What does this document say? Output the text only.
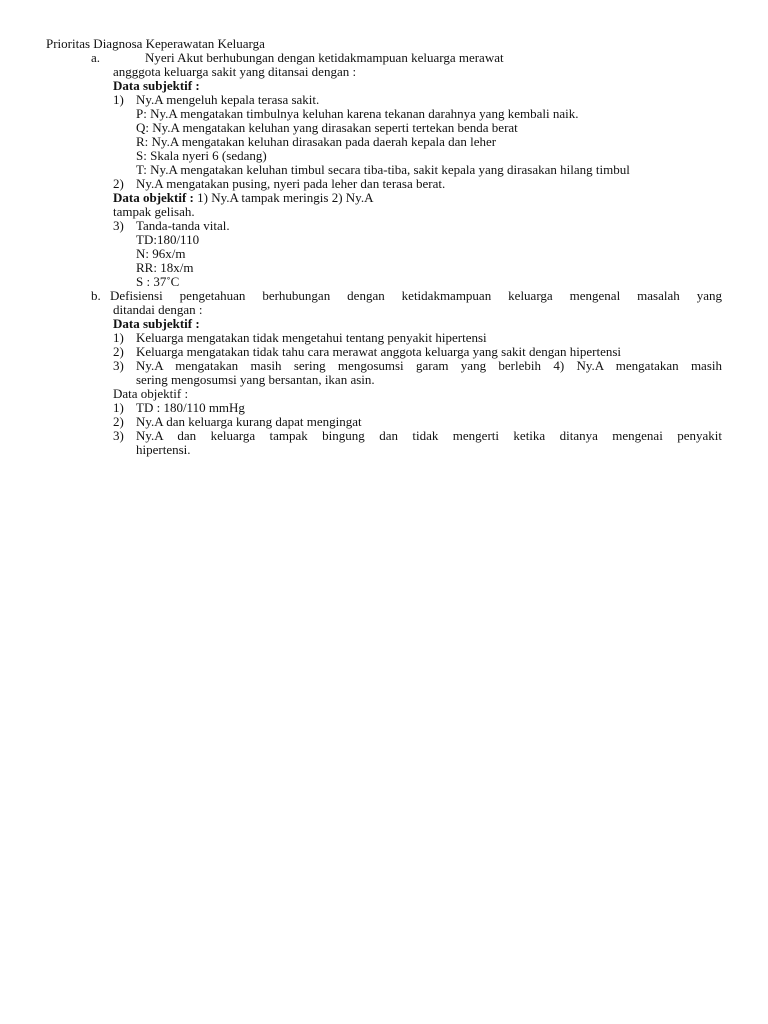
Prioritas Diagnosa Keperawatan Keluarga
a.	Nyeri Akut berhubungan dengan ketidakmampuan keluarga merawat
angggota keluarga sakit yang ditansai dengan :
Data subjektif :
1) Ny.A mengeluh kepala terasa sakit.
P: Ny.A mengatakan timbulnya keluhan karena tekanan darahnya yang kembali naik.
Q: Ny.A mengatakan keluhan yang dirasakan seperti tertekan benda berat
R: Ny.A mengatakan keluhan dirasakan pada daerah kepala dan leher
S: Skala nyeri 6 (sedang)
T: Ny.A mengatakan keluhan timbul secara tiba-tiba, sakit kepala yang dirasakan hilang timbul
2) Ny.A mengatakan pusing, nyeri pada leher dan terasa berat.
Data objektif : 1) Ny.A tampak meringis 2) Ny.A
tampak gelisah.
3) Tanda-tanda vital.
TD:180/110
N: 96x/m
RR: 18x/m
S : 37˚C
b. Defisiensi pengetahuan berhubungan dengan ketidakmampuan keluarga mengenal masalah yang
ditandai dengan :
Data subjektif :
1) Keluarga mengatakan tidak mengetahui tentang penyakit hipertensi
2) Keluarga mengatakan tidak tahu cara merawat anggota keluarga yang sakit dengan hipertensi
3) Ny.A mengatakan masih sering mengosumsi garam yang berlebih 4) Ny.A mengatakan masih
sering mengosumsi yang bersantan, ikan asin.
Data objektif :
1) TD : 180/110 mmHg
2) Ny.A dan keluarga kurang dapat mengingat
3) Ny.A dan keluarga tampak bingung dan tidak mengerti ketika ditanya mengenai penyakit
hipertensi.
